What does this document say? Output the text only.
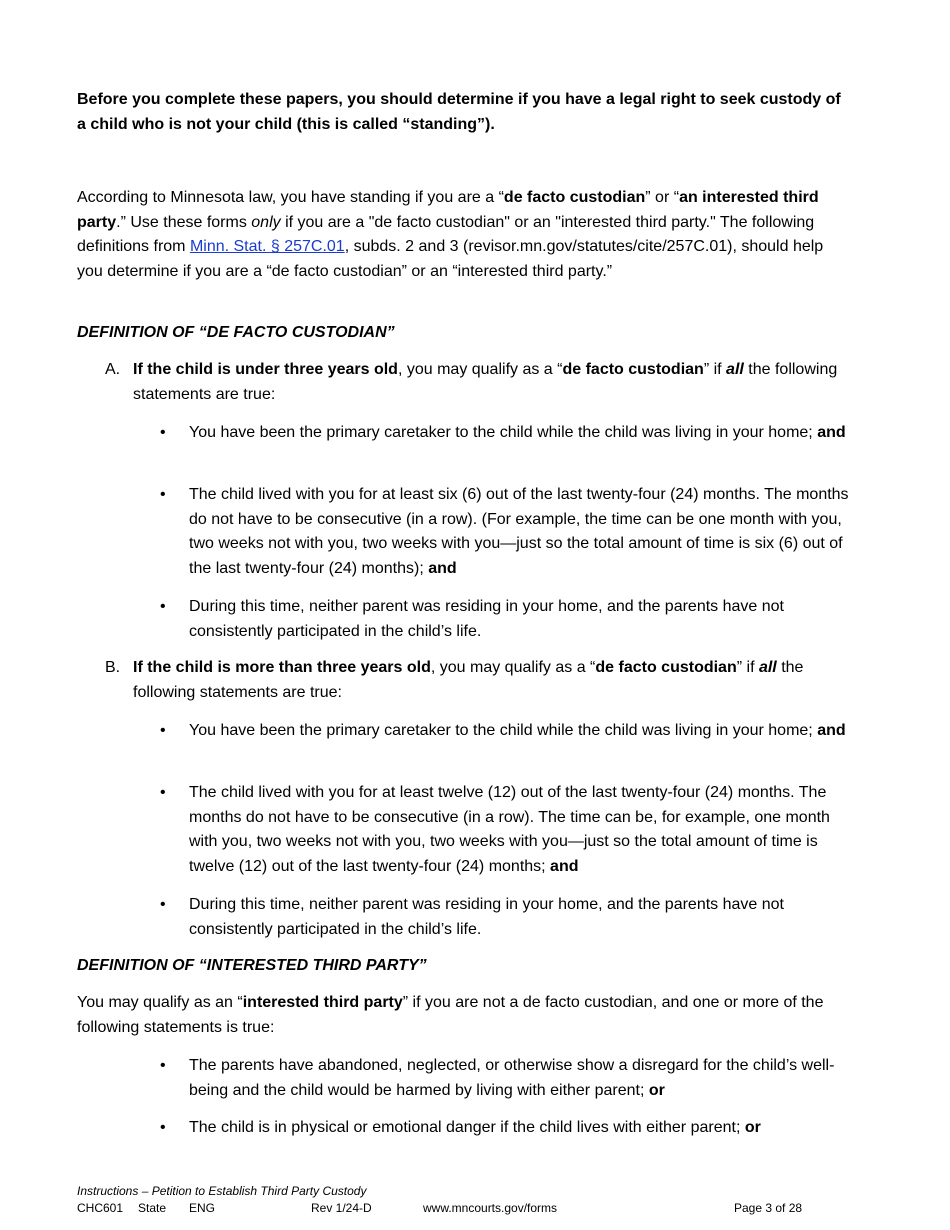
Before you complete these papers, you should determine if you have a legal right to seek custody of a child who is not your child (this is called “standing”).

According to Minnesota law, you have standing if you are a “de facto custodian” or “an interested third party.” Use these forms only if you are a "de facto custodian" or an "interested third party." The following definitions from Minn. Stat. § 257C.01, subds. 2 and 3 (revisor.mn.gov/statutes/cite/257C.01), should help you determine if you are a “de facto custodian” or an “interested third party.”

DEFINITION OF “DE FACTO CUSTODIAN”

A. If the child is under three years old, you may qualify as a “de facto custodian” if all the following statements are true:
• You have been the primary caretaker to the child while the child was living in your home; and
• The child lived with you for at least six (6) out of the last twenty-four (24) months. The months do not have to be consecutive (in a row). (For example, the time can be one month with you, two weeks not with you, two weeks with you—just so the total amount of time is six (6) out of the last twenty-four (24) months); and
• During this time, neither parent was residing in your home, and the parents have not consistently participated in the child’s life.
B. If the child is more than three years old, you may qualify as a “de facto custodian” if all the following statements are true:
• You have been the primary caretaker to the child while the child was living in your home; and
• The child lived with you for at least twelve (12) out of the last twenty-four (24) months. The months do not have to be consecutive (in a row). The time can be, for example, one month with you, two weeks not with you, two weeks with you—just so the total amount of time is twelve (12) out of the last twenty-four (24) months; and
• During this time, neither parent was residing in your home, and the parents have not consistently participated in the child’s life.

DEFINITION OF “INTERESTED THIRD PARTY”

You may qualify as an “interested third party” if you are not a de facto custodian, and one or more of the following statements is true:

• The parents have abandoned, neglected, or otherwise show a disregard for the child’s well-being and the child would be harmed by living with either parent; or
• The child is in physical or emotional danger if the child lives with either parent; or
Instructions – Petition to Establish Third Party Custody
CHC601 State ENG	Rev 1/24-D	www.mncourts.gov/forms	Page 3 of 28
